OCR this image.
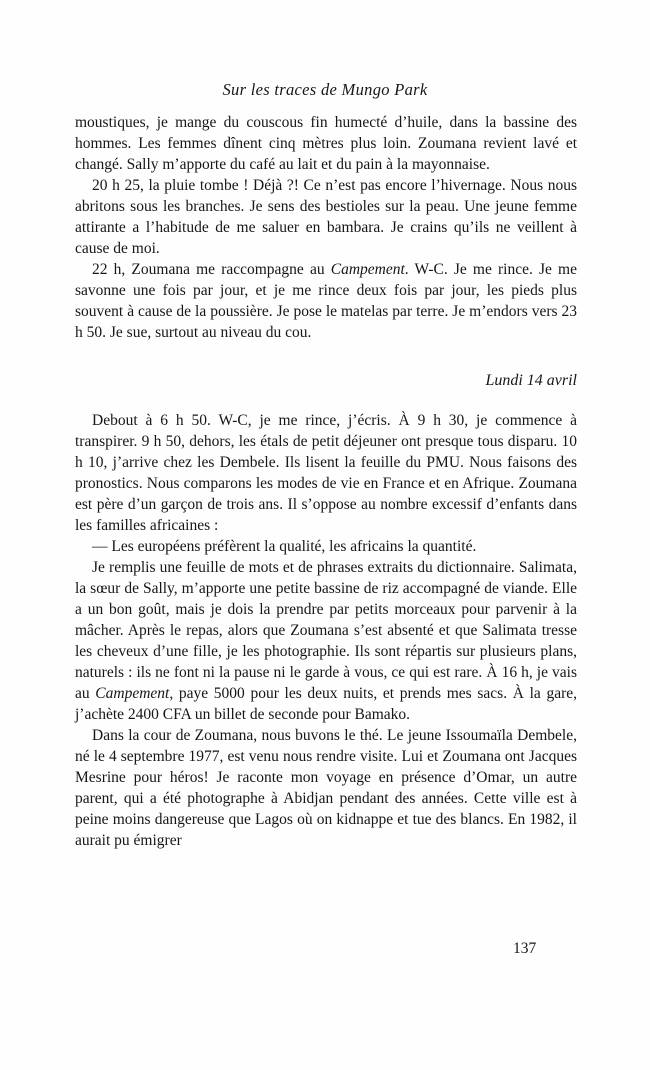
Sur les traces de Mungo Park

moustiques, je mange du couscous fin humecté d’huile, dans la bassine des hommes. Les femmes dînent cinq mètres plus loin. Zoumana revient lavé et changé. Sally m’apporte du café au lait et du pain à la mayonnaise.

20 h 25, la pluie tombe ! Déjà ?! Ce n’est pas encore l’hivernage. Nous nous abritons sous les branches. Je sens des bestioles sur la peau. Une jeune femme attirante a l’habitude de me saluer en bambara. Je crains qu’ils ne veillent à cause de moi.

22 h, Zoumana me raccompagne au Campement. W-C. Je me rince. Je me savonne une fois par jour, et je me rince deux fois par jour, les pieds plus souvent à cause de la poussière. Je pose le matelas par terre. Je m’endors vers 23 h 50. Je sue, surtout au niveau du cou.

Lundi 14 avril

Debout à 6 h 50. W-C, je me rince, j’écris. À 9 h 30, je commence à transpirer. 9 h 50, dehors, les étals de petit déjeuner ont presque tous disparu. 10 h 10, j’arrive chez les Dembele. Ils lisent la feuille du PMU. Nous faisons des pronostics. Nous comparons les modes de vie en France et en Afrique. Zoumana est père d’un garçon de trois ans. Il s’oppose au nombre excessif d’enfants dans les familles africaines :

— Les européens préfèrent la qualité, les africains la quantité.

Je remplis une feuille de mots et de phrases extraits du dictionnaire. Salimata, la sœur de Sally, m’apporte une petite bassine de riz accompagné de viande. Elle a un bon goût, mais je dois la prendre par petits morceaux pour parvenir à la mâcher. Après le repas, alors que Zoumana s’est absenté et que Salimata tresse les cheveux d’une fille, je les photographie. Ils sont répartis sur plusieurs plans, naturels : ils ne font ni la pause ni le garde à vous, ce qui est rare. À 16 h, je vais au Campement, paye 5000 pour les deux nuits, et prends mes sacs. À la gare, j’achète 2400 CFA un billet de seconde pour Bamako.

Dans la cour de Zoumana, nous buvons le thé. Le jeune Issoumaïla Dembele, né le 4 septembre 1977, est venu nous rendre visite. Lui et Zoumana ont Jacques Mesrine pour héros! Je raconte mon voyage en présence d’Omar, un autre parent, qui a été photographe à Abidjan pendant des années. Cette ville est à peine moins dangereuse que Lagos où on kidnappe et tue des blancs. En 1982, il aurait pu émigrer

137
